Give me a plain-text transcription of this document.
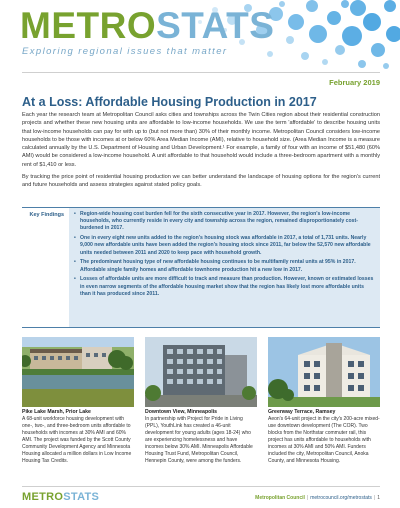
METROSTATS
Exploring regional issues that matter
February 2019
At a Loss: Affordable Housing Production in 2017

Each year the research team at Metropolitan Council asks cities and townships across the Twin Cities region about their residential construction projects and whether these new housing units are affordable to low-income households. We use the term 'affordable' to describe housing units that low-income households can pay for with up to (but not more than) 30% of their monthly income. Metropolitan Council considers low-income households to be those with incomes at or below 60% Area Median Income (AMI), relative to household size. (Area Median Income is a measure calculated annually by the U.S. Department of Housing and Urban Development.¹ For example, a family of four with an income of $51,480 (60% AMI) would be considered a low-income household. A unit affordable to that household would include a three-bedroom apartment with a monthly rent of $1,410 or less.

By tracking the price point of residential housing production we can better understand the landscape of housing options for the region's current and future households and assess strategies against stated policy goals.

Key Findings
•	Region-wide housing cost burden fell for the sixth consecutive year in 2017. However, the region's low-income households, who currently reside in every city and township across the region, remained disproportionately cost-burdened in 2017.
• One in every eight new units added to the region's housing stock was affordable in 2017, a total of 1,731 units. Nearly 9,000 new affordable units have been added the region's housing stock since 2011, far below the 52,570 new affordable units needed between 2011 and 2020 to keep pace with household growth.
• The predominant housing type of new affordable housing continues to be multifamily rental units at 95% in 2017. Affordable single family homes and affordable townhome production hit a new low in 2017.
• Losses of affordable units are more difficult to track and measure than production. However, known or estimated losses in even narrow segments of the affordable housing market show that the region has likely lost more affordable units than it has produced since 2011.
Pike Lake Marsh, Prior Lake
A 68-unit workforce housing development with one-, two-, and three-bedroom units affordable to households with incomes at 30% AMI and 60% AMI. The project was funded by the Scott County Community Development Agency and Minnesota Housing allocated a million dollars in Low Income Housing Tax Credits.
Downtown View, Minneapolis
In partnership with Project for Pride in Living (PPL), YouthLink has created a 46-unit development for young adults (ages 18-24) who are experiencing homelessness and have incomes below 30% AMI. Minneapolis Affordable Housing Trust Fund, Metropolitan Council, Hennepin County, were among the funders.
Greenway Terrace, Ramsey
Aeon's 64-unit project in the city's 200-acre mixed-use downtown development (The COR). Two blocks from the Northstar commuter rail, this project has units affordable to households with incomes at 30% AMI and 50% AMI. Funders included the city, Metropolitan Council, Anoka County, and Minnesota Housing.
METROSTATS	Metropolitan Council | metrocouncil.org/metrostats | 1
